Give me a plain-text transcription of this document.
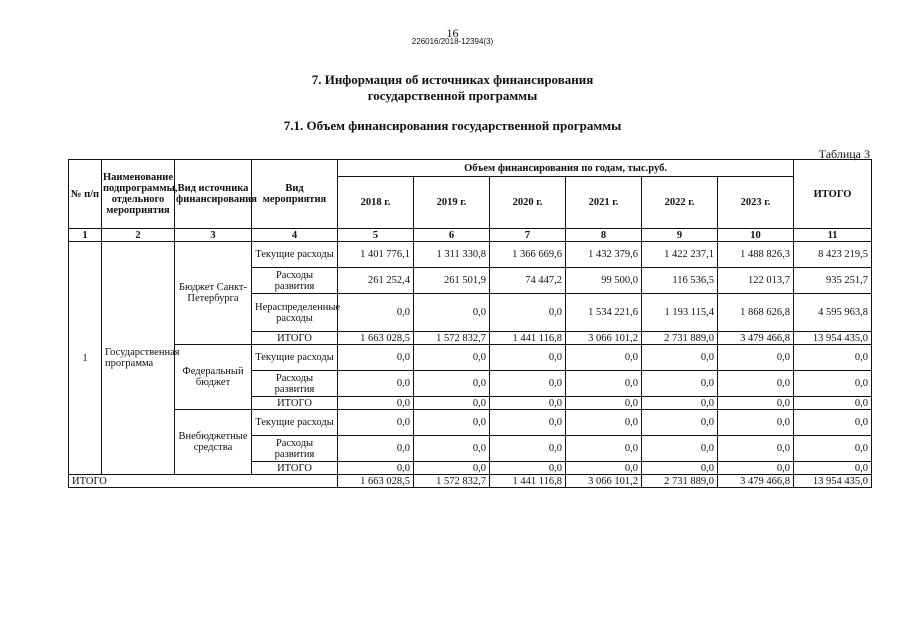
16
226016/2018-12394(3)
7. Информация об источниках финансирования
государственной программы
7.1. Объем финансирования государственной программы
Таблица 3
№ п/п	Наименование подпрограммы, отдельного мероприятия	Вид источника финансирования	Вид мероприятия	Объем финансирования по годам, тыс.руб.						ИТОГО
				2018 г.	2019 г.	2020 г.	2021 г.	2022 г.	2023 г.	
1	2	3	4	5	6	7	8	9	10	11
1	Государственная программа	Бюджет Санкт-Петербурга	Текущие расходы	1 401 776,1	1 311 330,8	1 366 669,6	1 432 379,6	1 422 237,1	1 488 826,3	8 423 219,5
			Расходы развития	261 252,4	261 501,9	74 447,2	99 500,0	116 536,5	122 013,7	935 251,7
			Нераспределенные расходы	0,0	0,0	0,0	1 534 221,6	1 193 115,4	1 868 626,8	4 595 963,8
			ИТОГО	1 663 028,5	1 572 832,7	1 441 116,8	3 066 101,2	2 731 889,0	3 479 466,8	13 954 435,0
		Федеральный бюджет	Текущие расходы	0,0	0,0	0,0	0,0	0,0	0,0	0,0
			Расходы развития	0,0	0,0	0,0	0,0	0,0	0,0	0,0
			ИТОГО	0,0	0,0	0,0	0,0	0,0	0,0	0,0
		Внебюджетные средства	Текущие расходы	0,0	0,0	0,0	0,0	0,0	0,0	0,0
			Расходы развития	0,0	0,0	0,0	0,0	0,0	0,0	0,0
			ИТОГО	0,0	0,0	0,0	0,0	0,0	0,0	0,0
ИТОГО				1 663 028,5	1 572 832,7	1 441 116,8	3 066 101,2	2 731 889,0	3 479 466,8	13 954 435,0
